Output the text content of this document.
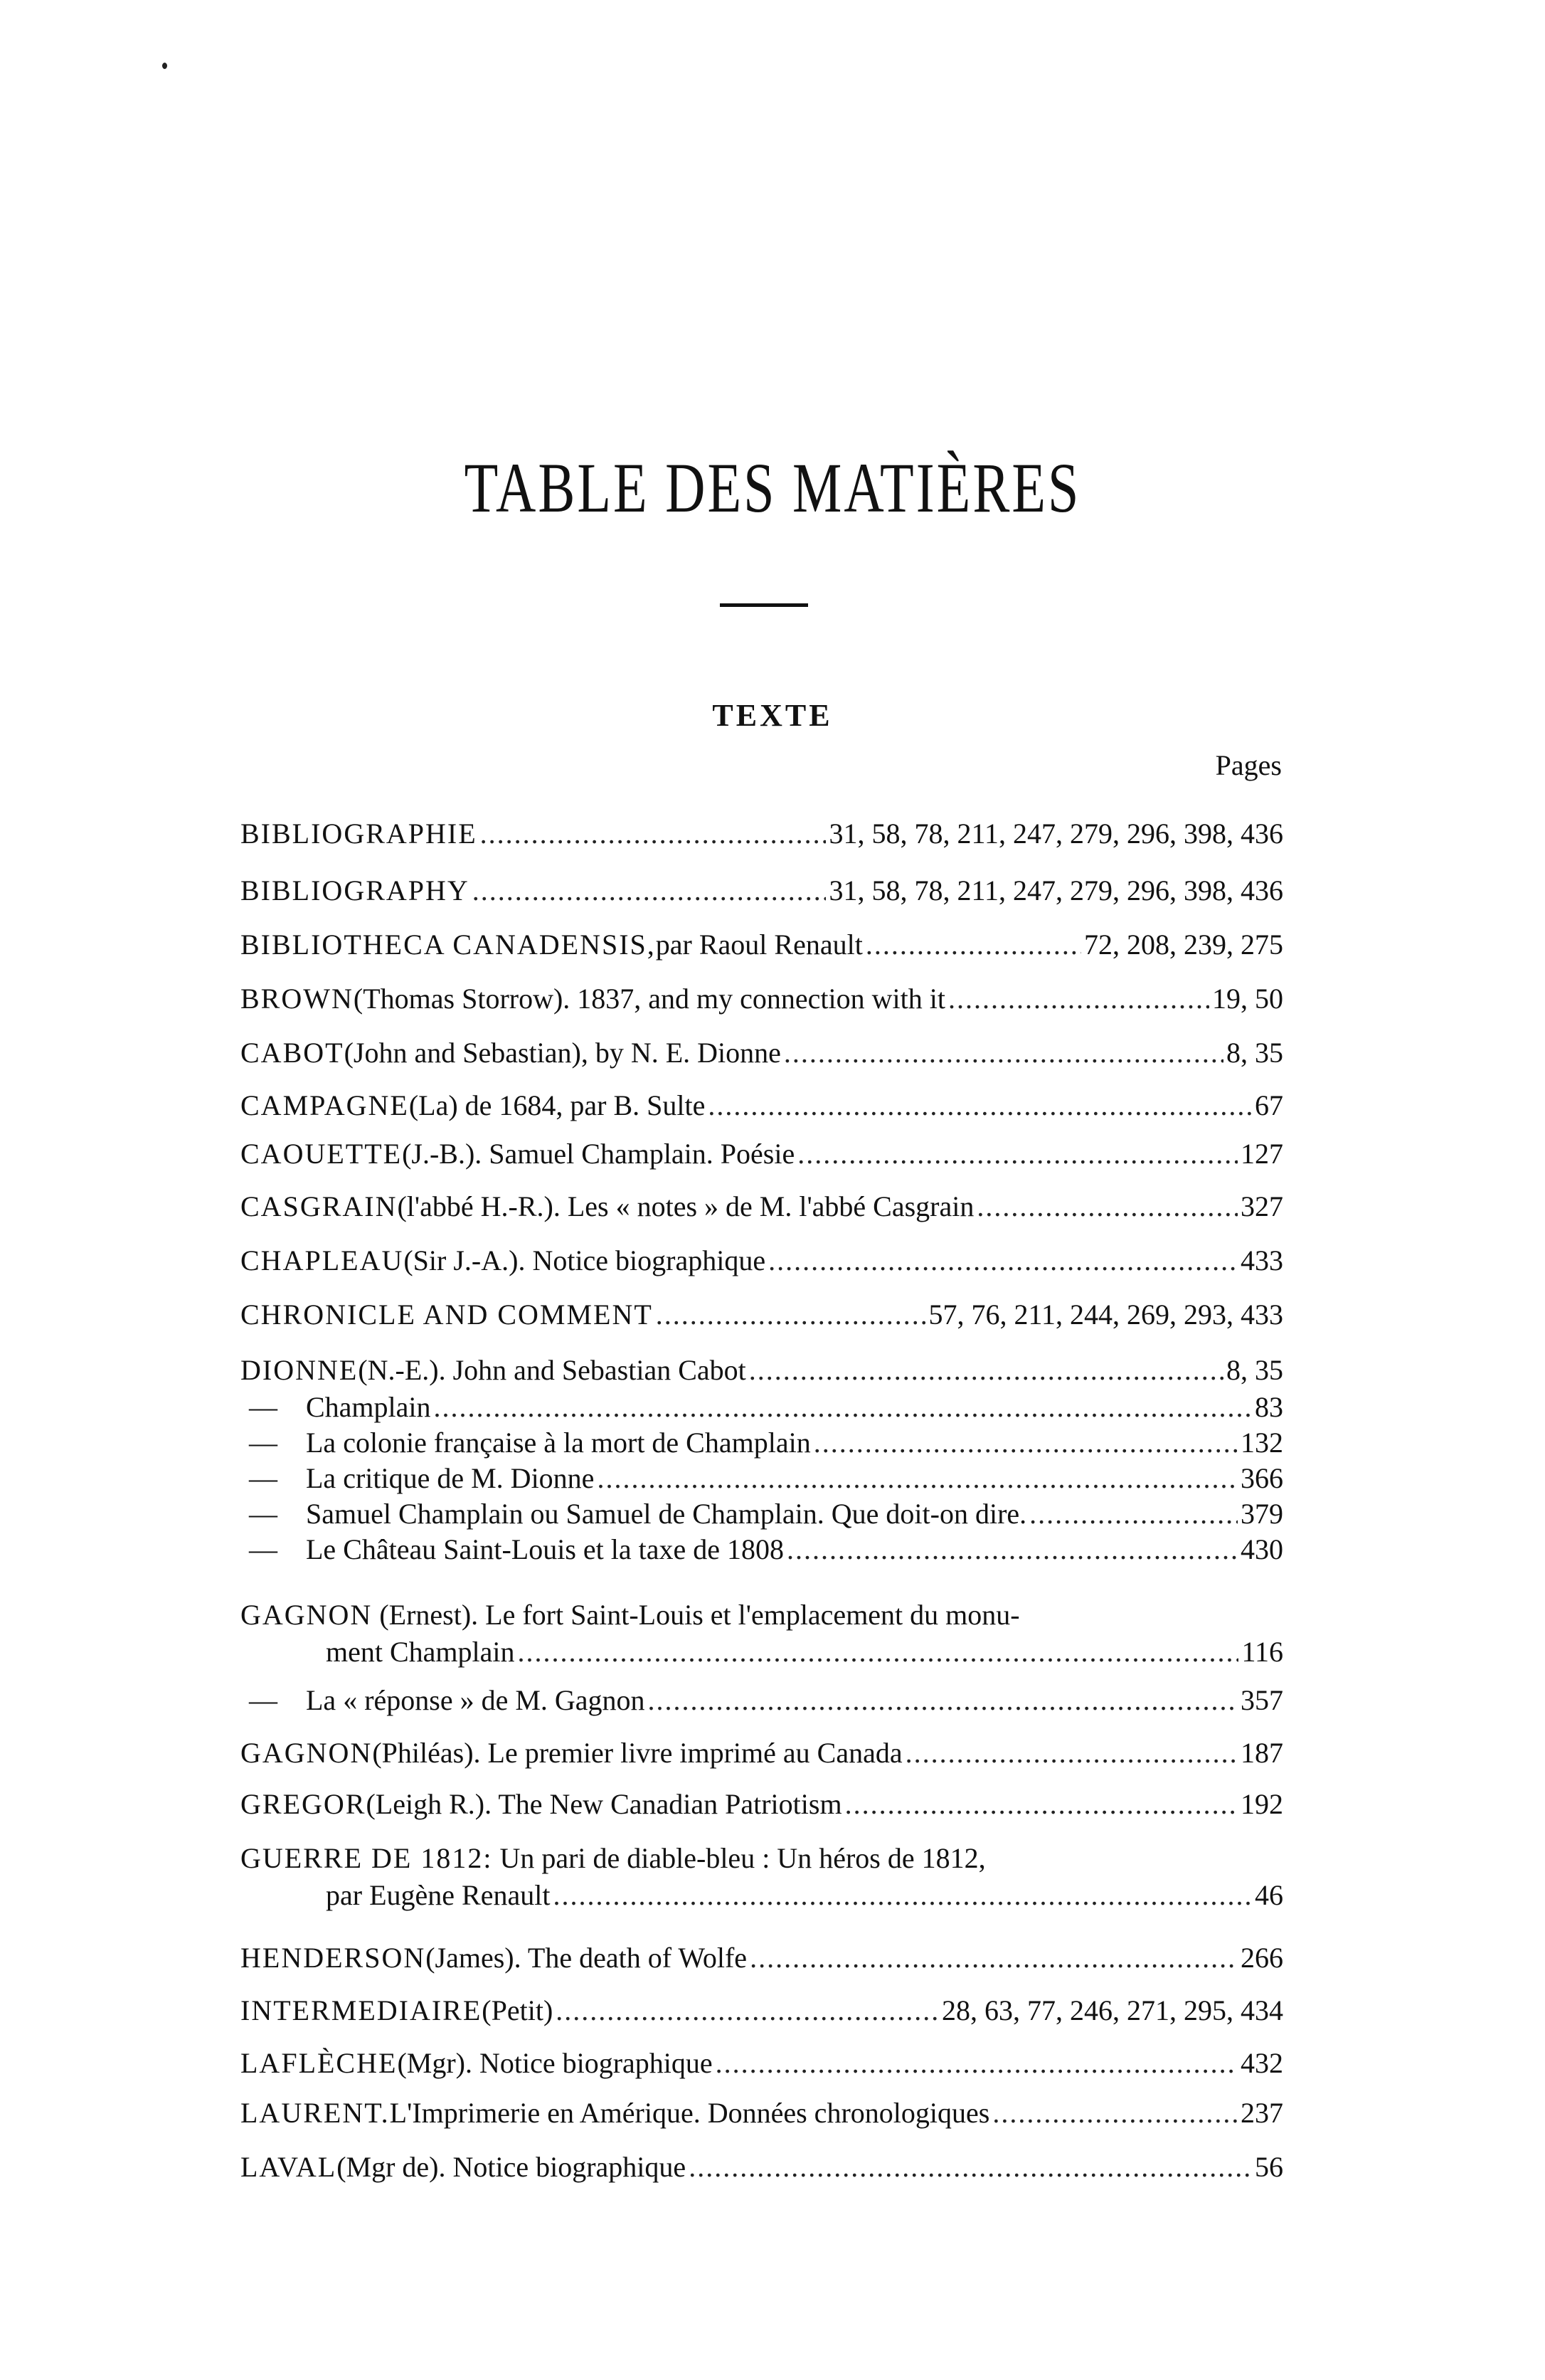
TABLE DES MATIÈRES
TEXTE
Pages
BIBLIOGRAPHIE .....	31, 58, 78, 211, 247, 279, 296, 398, 436
BIBLIOGRAPHY .....	31, 58, 78, 211, 247, 279, 296, 398, 436
BIBLIOTHECA CANADENSIS, par Raoul Renault .....	72, 208, 239, 275
BROWN (Thomas Storrow). 1837, and my connection with it .....	19, 50
CABOT (John and Sebastian), by N. E. Dionne .....	8, 35
CAMPAGNE (La) de 1684, par B. Sulte .....	67
CAOUETTE (J.-B.). Samuel Champlain. Poésie .....	127
CASGRAIN (l'abbé H.-R.). Les « notes » de M. l'abbé Casgrain .....	327
CHAPLEAU (Sir J.-A.). Notice biographique .....	433
CHRONICLE AND COMMENT .....	57, 76, 211, 244, 269, 293, 433
DIONNE (N.-E.). John and Sebastian Cabot .....	8, 35
—	Champlain .....	83
—	La colonie française à la mort de Champlain .....	132
—	La critique de M. Dionne .....	366
—	Samuel Champlain ou Samuel de Champlain. Que doit-on dire. .....	379
—	Le Château Saint-Louis et la taxe de 1808 .....	430
GAGNON (Ernest). Le fort Saint-Louis et l'emplacement du monu-
ment Champlain .....	116
—	La « réponse » de M. Gagnon .....	357
GAGNON (Philéas). Le premier livre imprimé au Canada .....	187
GREGOR (Leigh R.). The New Canadian Patriotism .....	192
GUERRE DE 1812: Un pari de diable-bleu : Un héros de 1812,
par Eugène Renault .....	46
HENDERSON (James). The death of Wolfe .....	266
INTERMEDIAIRE (Petit) .....	28, 63, 77, 246, 271, 295, 434
LAFLÈCHE (Mgr). Notice biographique .....	432
LAURENT. L'Imprimerie en Amérique. Données chronologiques .....	237
LAVAL (Mgr de). Notice biographique .....	56
